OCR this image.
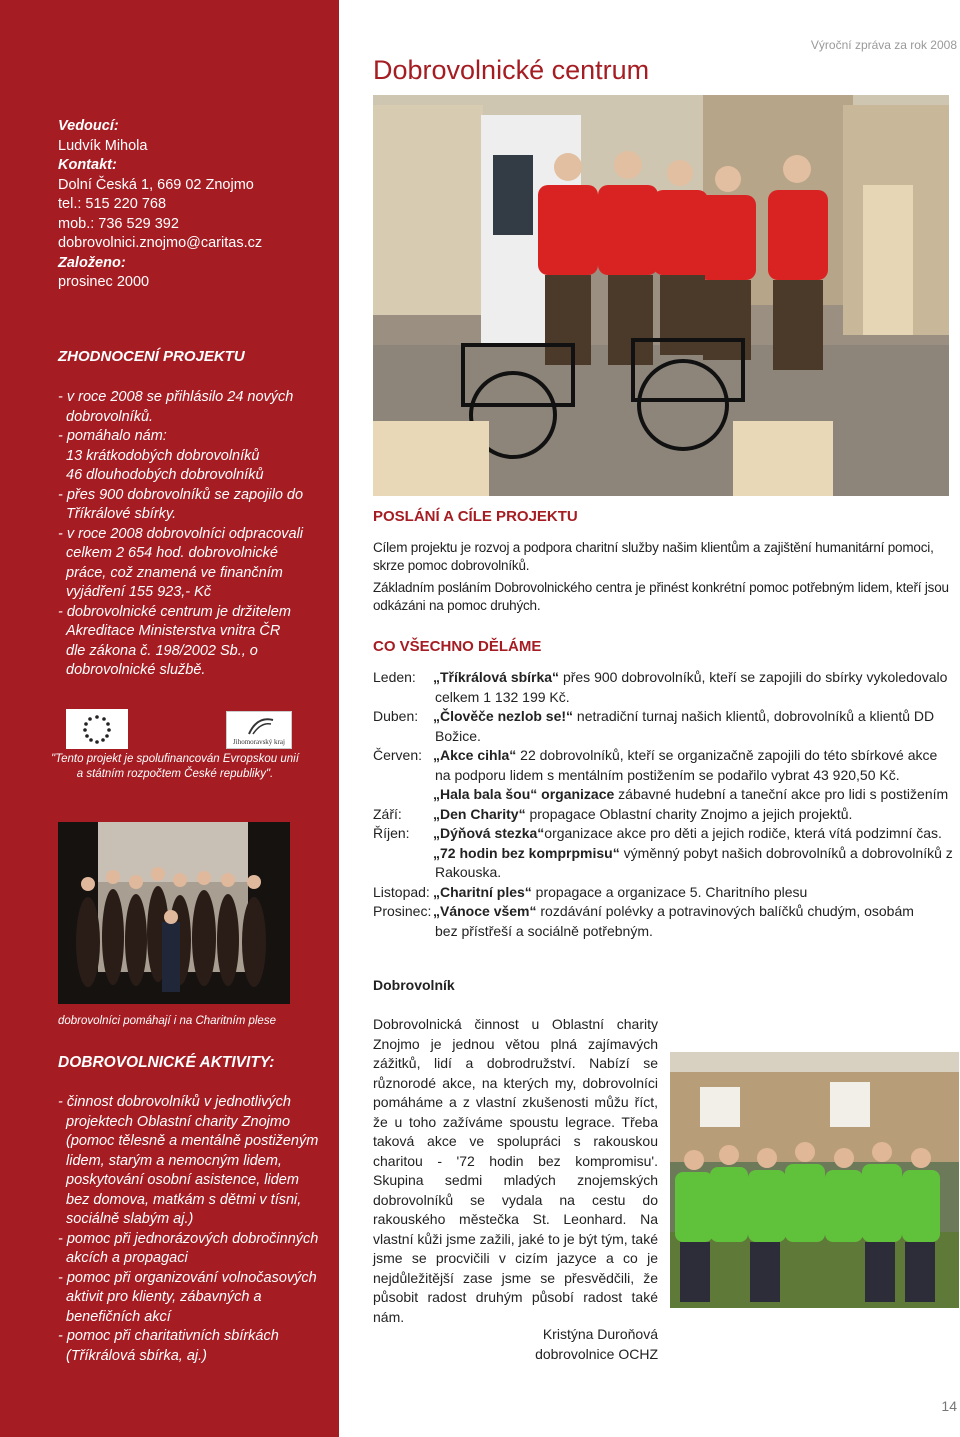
Vedoucí:
Ludvík Mihola
Kontakt:
Dolní Česká 1, 669 02 Znojmo
tel.: 515 220 768
mob.: 736 529 392
dobrovolnici.znojmo@caritas.cz
Založeno:
prosinec 2000
ZHODNOCENÍ PROJEKTU
- v roce 2008 se přihlásilo 24 nových
dobrovolníků.
- pomáhalo nám:
13 krátkodobých dobrovolníků
46 dlouhodobých dobrovolníků
- přes 900 dobrovolníků se zapojilo do
Tříkrálové sbírky.
- v roce 2008 dobrovolníci odpracovali
celkem 2 654 hod. dobrovolnické
práce, což znamená ve finančním
vyjádření 155 923,- Kč
- dobrovolnické centrum je držitelem
Akreditace Ministerstva vnitra ČR
dle zákona č. 198/2002 Sb., o
dobrovolnické službě.
Jihomoravský kraj
"Tento projekt je spolufinancován Evropskou unií
a státním rozpočtem České republiky".
dobrovolníci pomáhají i na Charitním plese
DOBROVOLNICKÉ AKTIVITY:
- činnost dobrovolníků v jednotlivých
projektech Oblastní charity Znojmo
(pomoc tělesně a mentálně postiženým
lidem, starým a nemocným lidem,
poskytování osobní asistence, lidem
bez domova, matkám s dětmi v tísni,
sociálně slabým aj.)
- pomoc při jednorázových dobročinných
akcích a propagaci
- pomoc při organizování volnočasových
aktivit pro klienty, zábavných a
benefičních akcí
- pomoc při charitativních sbírkách
(Tříkrálová sbírka, aj.)
Výroční zpráva za rok 2008
Dobrovolnické centrum
POSLÁNÍ A CÍLE PROJEKTU
Cílem projektu je rozvoj a podpora charitní služby našim klientům a zajištění humanitární pomoci, skrze pomoc dobrovolníků.
Základním posláním Dobrovolnického centra je přinést konkrétní pomoc potřebným lidem, kteří jsou odkázáni na pomoc druhých.
CO VŠECHNO DĚLÁME
Leden:	„Tříkrálová sbírka“ přes 900 dobrovolníků, kteří se zapojili do sbírky vykoledovalo
celkem 1 132 199 Kč.
Duben:	„Člověče nezlob se!“ netradiční turnaj našich klientů, dobrovolníků a klientů DD
Božice.
Červen: „Akce cihla“ 22 dobrovolníků, kteří se organizačně zapojili do této sbírkové akce
na podporu lidem s mentálním postižením se podařilo vybrat 43 920,50 Kč.
„Hala bala šou“ organizace zábavné hudební a taneční akce pro lidi s postižením
Září:	„Den Charity“ propagace Oblastní charity Znojmo a jejich projektů.
Říjen:	„Dýňová stezka“organizace akce pro děti a jejich rodiče, která vítá podzimní čas.
„72 hodin bez komprpmisu“ výměnný pobyt našich dobrovolníků a dobrovolníků z
Rakouska.
Listopad: „Charitní ples“ propagace a organizace 5. Charitního plesu
Prosinec: „Vánoce všem“ rozdávání polévky a potravinových balíčků chudým, osobám
bez přístřeší a sociálně potřebným.
Dobrovolník
Dobrovolnická činnost u Oblastní charity Znojmo je jednou větou plná zajímavých zážitků, lidí a dobrodružství. Nabízí se různorodé akce, na kterých my, dobrovolníci pomáháme a z vlastní zkušenosti můžu říct, že u toho zažíváme spoustu legrace. Třeba taková akce ve spolupráci s rakouskou charitou - '72 hodin bez kompromisu'. Skupina sedmi mladých znojemských dobrovolníků se vydala na cestu do rakouského městečka St. Leonhard. Na vlastní kůži jsme zažili, jaké to je být tým, také jsme se procvičili v cizím jazyce a co je nejdůležitější zase jsme se přesvědčili, že působit radost druhým působí radost také nám.
Kristýna Duroňová
dobrovolnice OCHZ
14
